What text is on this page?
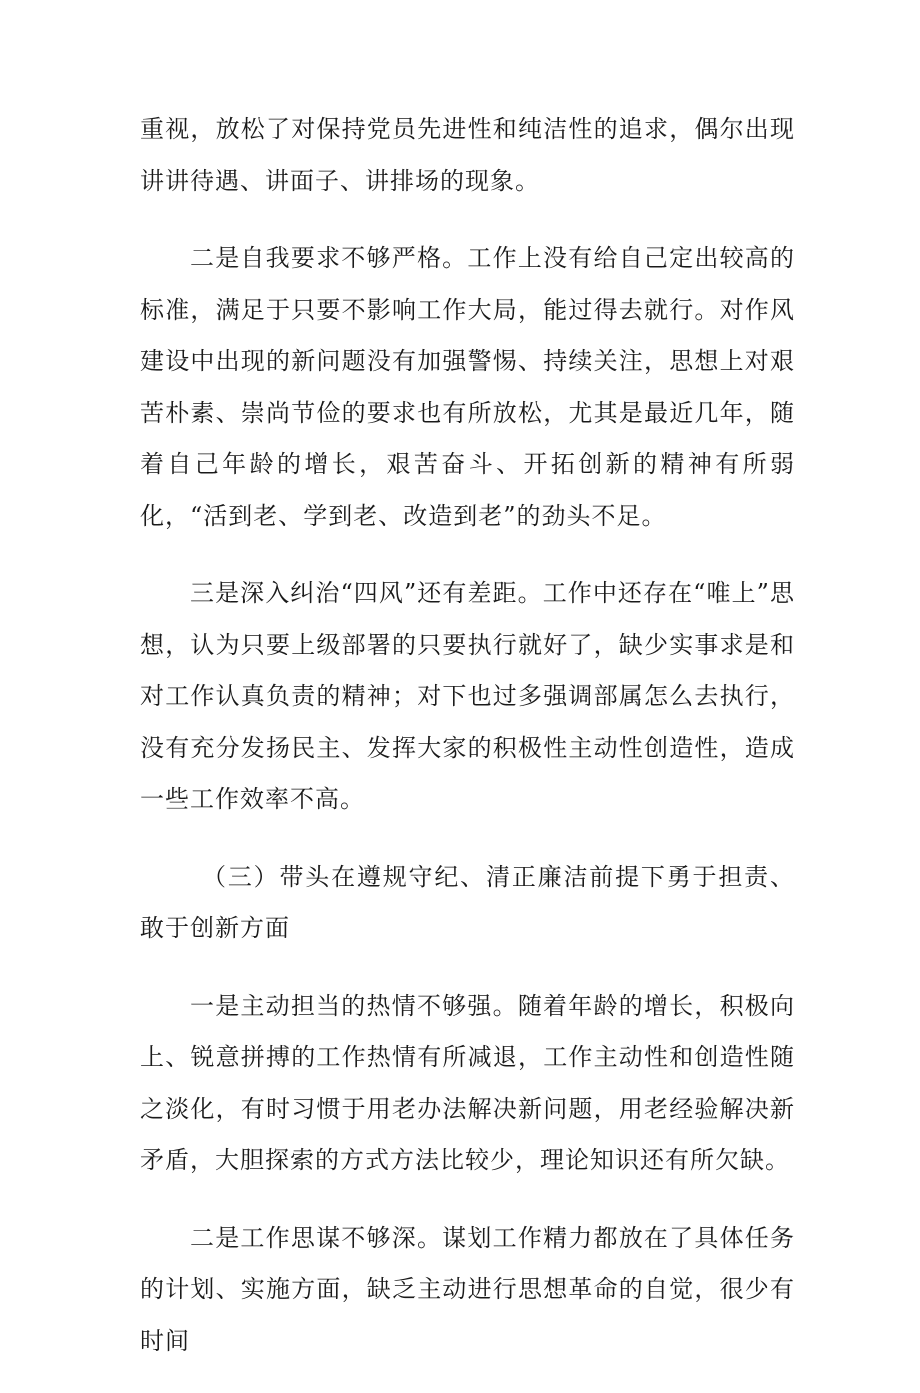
重视，放松了对保持党员先进性和纯洁性的追求，偶尔出现讲讲待遇、讲面子、讲排场的现象。

二是自我要求不够严格。工作上没有给自己定出较高的标准，满足于只要不影响工作大局，能过得去就行。对作风建设中出现的新问题没有加强警惕、持续关注，思想上对艰苦朴素、崇尚节俭的要求也有所放松，尤其是最近几年，随着自己年龄的增长，艰苦奋斗、开拓创新的精神有所弱化，“活到老、学到老、改造到老”的劲头不足。

三是深入纠治“四风”还有差距。工作中还存在“唯上”思想，认为只要上级部署的只要执行就好了，缺少实事求是和对工作认真负责的精神；对下也过多强调部属怎么去执行，没有充分发扬民主、发挥大家的积极性主动性创造性，造成一些工作效率不高。

（三）带头在遵规守纪、清正廉洁前提下勇于担责、敢于创新方面

一是主动担当的热情不够强。随着年龄的增长，积极向上、锐意拼搏的工作热情有所减退，工作主动性和创造性随之淡化，有时习惯于用老办法解决新问题，用老经验解决新矛盾，大胆探索的方式方法比较少，理论知识还有所欠缺。

二是工作思谋不够深。谋划工作精力都放在了具体任务的计划、实施方面，缺乏主动进行思想革命的自觉，很少有时间
